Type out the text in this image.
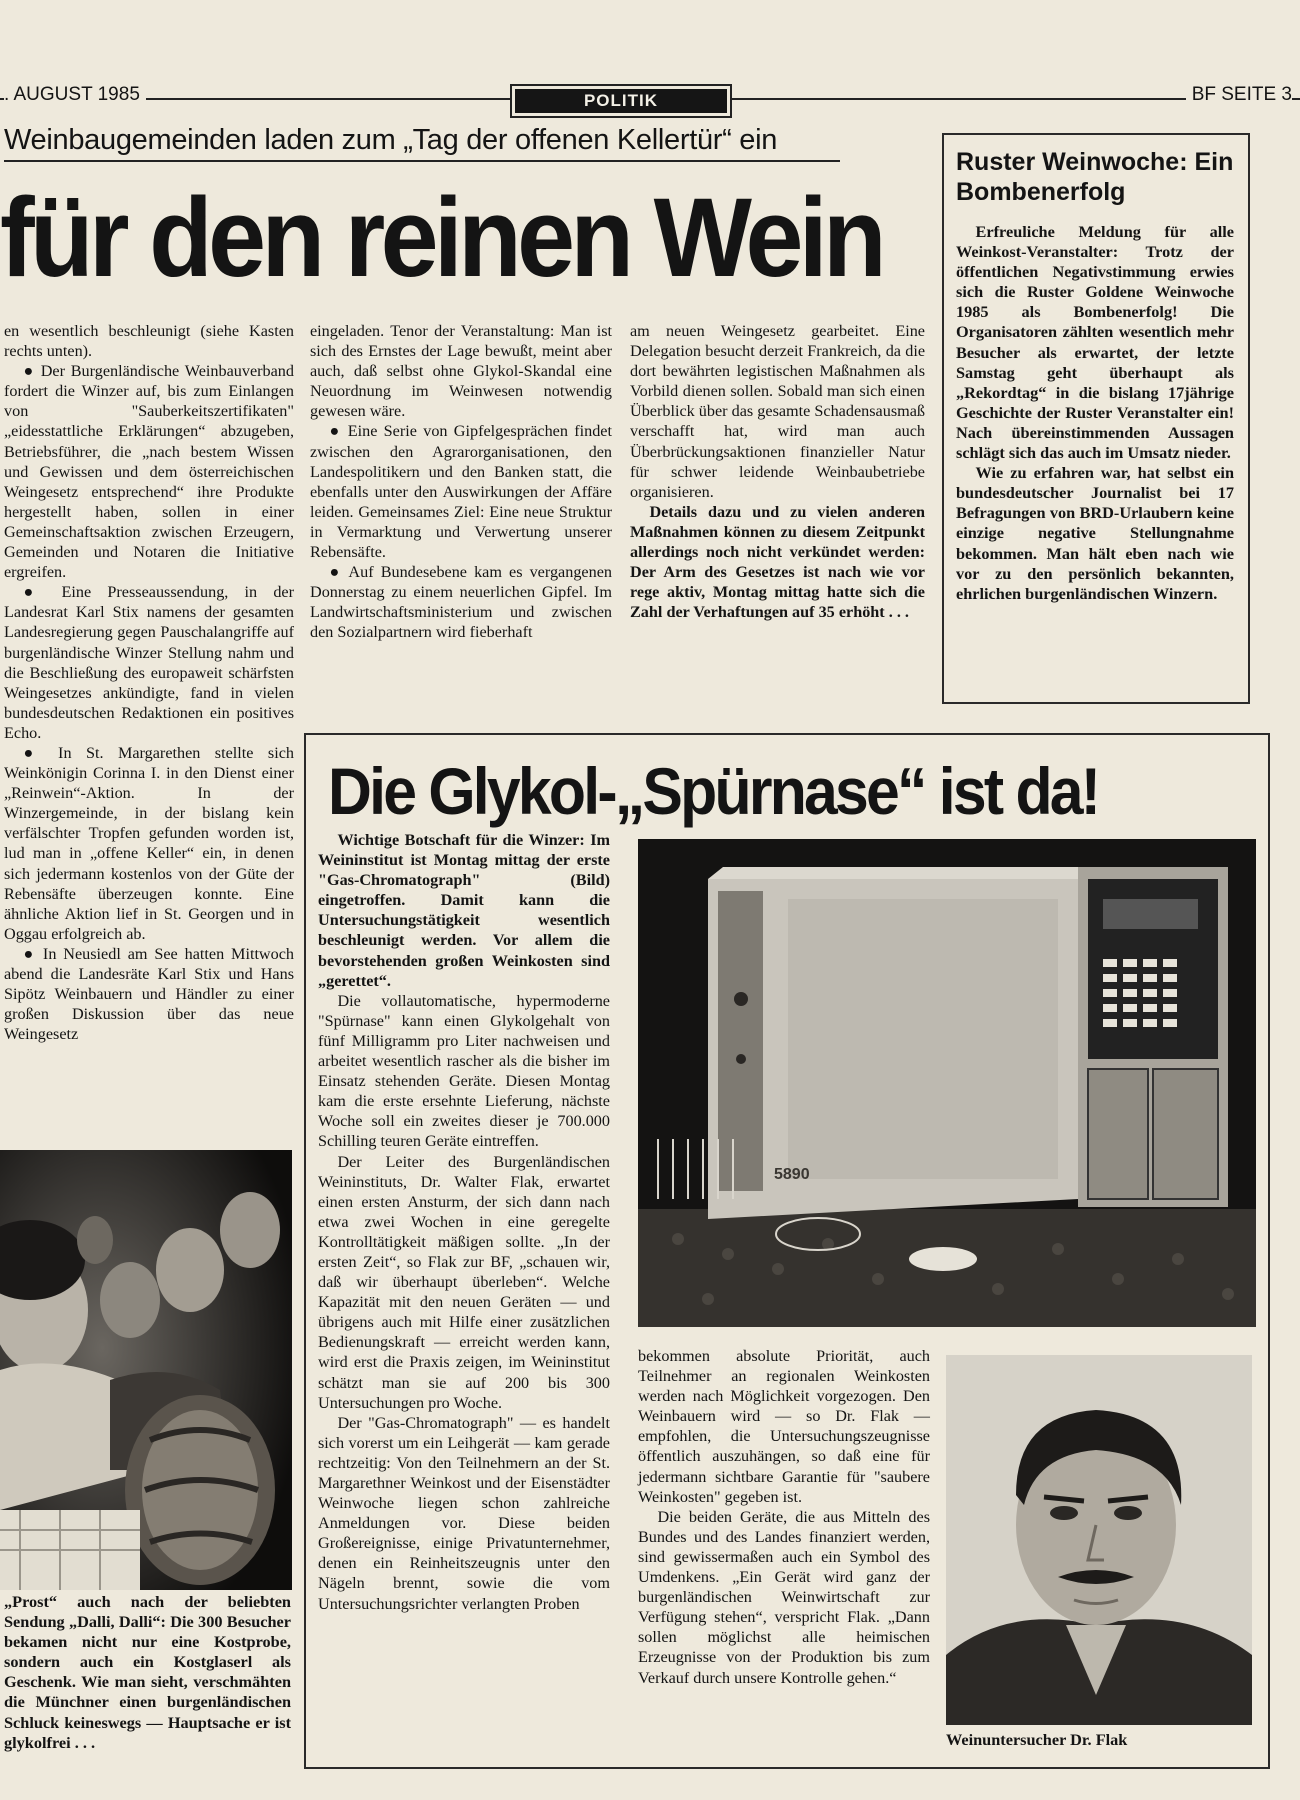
. AUGUST 1985	POLITIK	BF SEITE 3
Weinbaugemeinden laden zum „Tag der offenen Kellertür“ ein
für den reinen Wein

en wesentlich beschleunigt (siehe Kasten rechts unten).

● Der Burgenländische Weinbauverband fordert die Winzer auf, bis zum Einlangen von "Sauberkeitszertifikaten" „eidesstattliche Erklärungen“ abzugeben, Betriebsführer, die „nach bestem Wissen und Gewissen und dem österreichischen Weingesetz entsprechend“ ihre Produkte hergestellt haben, sollen in einer Gemeinschaftsaktion zwischen Erzeugern, Gemeinden und Notaren die Initiative ergreifen.

● Eine Presseaussendung, in der Landesrat Karl Stix namens der gesamten Landesregierung gegen Pauschalangriffe auf burgenländische Winzer Stellung nahm und die Beschließung des europaweit schärfsten Weingesetzes ankündigte, fand in vielen bundesdeutschen Redaktionen ein positives Echo.

● In St. Margarethen stellte sich Weinkönigin Corinna I. in den Dienst einer „Reinwein“-Aktion. In der Winzergemeinde, in der bislang kein verfälschter Tropfen gefunden worden ist, lud man in „offene Keller“ ein, in denen sich jedermann kostenlos von der Güte der Rebensäfte überzeugen konnte. Eine ähnliche Aktion lief in St. Georgen und in Oggau erfolgreich ab.

● In Neusiedl am See hatten Mittwoch abend die Landesräte Karl Stix und Hans Sipötz Weinbauern und Händler zu einer großen Diskussion über das neue Weingesetz

eingeladen. Tenor der Veranstaltung: Man ist sich des Ernstes der Lage bewußt, meint aber auch, daß selbst ohne Glykol-Skandal eine Neuordnung im Weinwesen notwendig gewesen wäre.

● Eine Serie von Gipfelgesprächen findet zwischen den Agrarorganisationen, den Landespolitikern und den Banken statt, die ebenfalls unter den Auswirkungen der Affäre leiden. Gemeinsames Ziel: Eine neue Struktur in Vermarktung und Verwertung unserer Rebensäfte.

● Auf Bundesebene kam es vergangenen Donnerstag zu einem neuerlichen Gipfel. Im Landwirtschaftsministerium und zwischen den Sozialpartnern wird fieberhaft

am neuen Weingesetz gearbeitet. Eine Delegation besucht derzeit Frankreich, da die dort bewährten legistischen Maßnahmen als Vorbild dienen sollen. Sobald man sich einen Überblick über das gesamte Schadensausmaß verschafft hat, wird man auch Überbrückungsaktionen finanzieller Natur für schwer leidende Weinbaubetriebe organisieren.

Details dazu und zu vielen anderen Maßnahmen können zu diesem Zeitpunkt allerdings noch nicht verkündet werden: Der Arm des Gesetzes ist nach wie vor rege aktiv, Montag mittag hatte sich die Zahl der Verhaftungen auf 35 erhöht . . .

„Prost“ auch nach der beliebten Sendung „Dalli, Dalli“: Die 300 Besucher bekamen nicht nur eine Kostprobe, sondern auch ein Kostglaserl als Geschenk. Wie man sieht, verschmähten die Münchner einen burgenländischen Schluck keineswegs — Hauptsache er ist glykolfrei . . .
Ruster Weinwoche: Ein Bombenerfolg

Erfreuliche Meldung für alle Weinkost-Veranstalter: Trotz der öffentlichen Negativstimmung erwies sich die Ruster Goldene Weinwoche 1985 als Bombenerfolg! Die Organisatoren zählten wesentlich mehr Besucher als erwartet, der letzte Samstag geht überhaupt als „Rekordtag“ in die bislang 17jährige Geschichte der Ruster Veranstalter ein! Nach übereinstimmenden Aussagen schlägt sich das auch im Umsatz nieder.

Wie zu erfahren war, hat selbst ein bundesdeutscher Journalist bei 17 Befragungen von BRD-Urlaubern keine einzige negative Stellungnahme bekommen. Man hält eben nach wie vor zu den persönlich bekannten, ehrlichen burgenländischen Winzern.

Die Glykol-„Spürnase“ ist da!

Wichtige Botschaft für die Winzer: Im Weininstitut ist Montag mittag der erste "Gas-Chromatograph" (Bild) eingetroffen. Damit kann die Untersuchungstätigkeit wesentlich beschleunigt werden. Vor allem die bevorstehenden großen Weinkosten sind „gerettet“.

Die vollautomatische, hypermoderne "Spürnase" kann einen Glykolgehalt von fünf Milligramm pro Liter nachweisen und arbeitet wesentlich rascher als die bisher im Einsatz stehenden Geräte. Diesen Montag kam die erste ersehnte Lieferung, nächste Woche soll ein zweites dieser je 700.000 Schilling teuren Geräte eintreffen.

Der Leiter des Burgenländischen Weininstituts, Dr. Walter Flak, erwartet einen ersten Ansturm, der sich dann nach etwa zwei Wochen in eine geregelte Kontrolltätigkeit mäßigen sollte. „In der ersten Zeit“, so Flak zur BF, „schauen wir, daß wir überhaupt überleben“. Welche Kapazität mit den neuen Geräten — und übrigens auch mit Hilfe einer zusätzlichen Bedienungskraft — erreicht werden kann, wird erst die Praxis zeigen, im Weininstitut schätzt man sie auf 200 bis 300 Untersuchungen pro Woche.

Der "Gas-Chromatograph" — es handelt sich vorerst um ein Leihgerät — kam gerade rechtzeitig: Von den Teilnehmern an der St. Margarethner Weinkost und der Eisenstädter Weinwoche liegen schon zahlreiche Anmeldungen vor. Diese beiden Großereignisse, einige Privatunternehmer, denen ein Reinheitszeugnis unter den Nägeln brennt, sowie die vom Untersuchungsrichter verlangten Proben

5890

bekommen absolute Priorität, auch Teilnehmer an regionalen Weinkosten werden nach Möglichkeit vorgezogen. Den Weinbauern wird — so Dr. Flak — empfohlen, die Untersuchungszeugnisse öffentlich auszuhängen, so daß eine für jedermann sichtbare Garantie für "saubere Weinkosten" gegeben ist.

Die beiden Geräte, die aus Mitteln des Bundes und des Landes finanziert werden, sind gewissermaßen auch ein Symbol des Umdenkens. „Ein Gerät wird ganz der burgenländischen Weinwirtschaft zur Verfügung stehen“, verspricht Flak. „Dann sollen möglichst alle heimischen Erzeugnisse von der Produktion bis zum Verkauf durch unsere Kontrolle gehen.“

Weinuntersucher Dr. Flak
